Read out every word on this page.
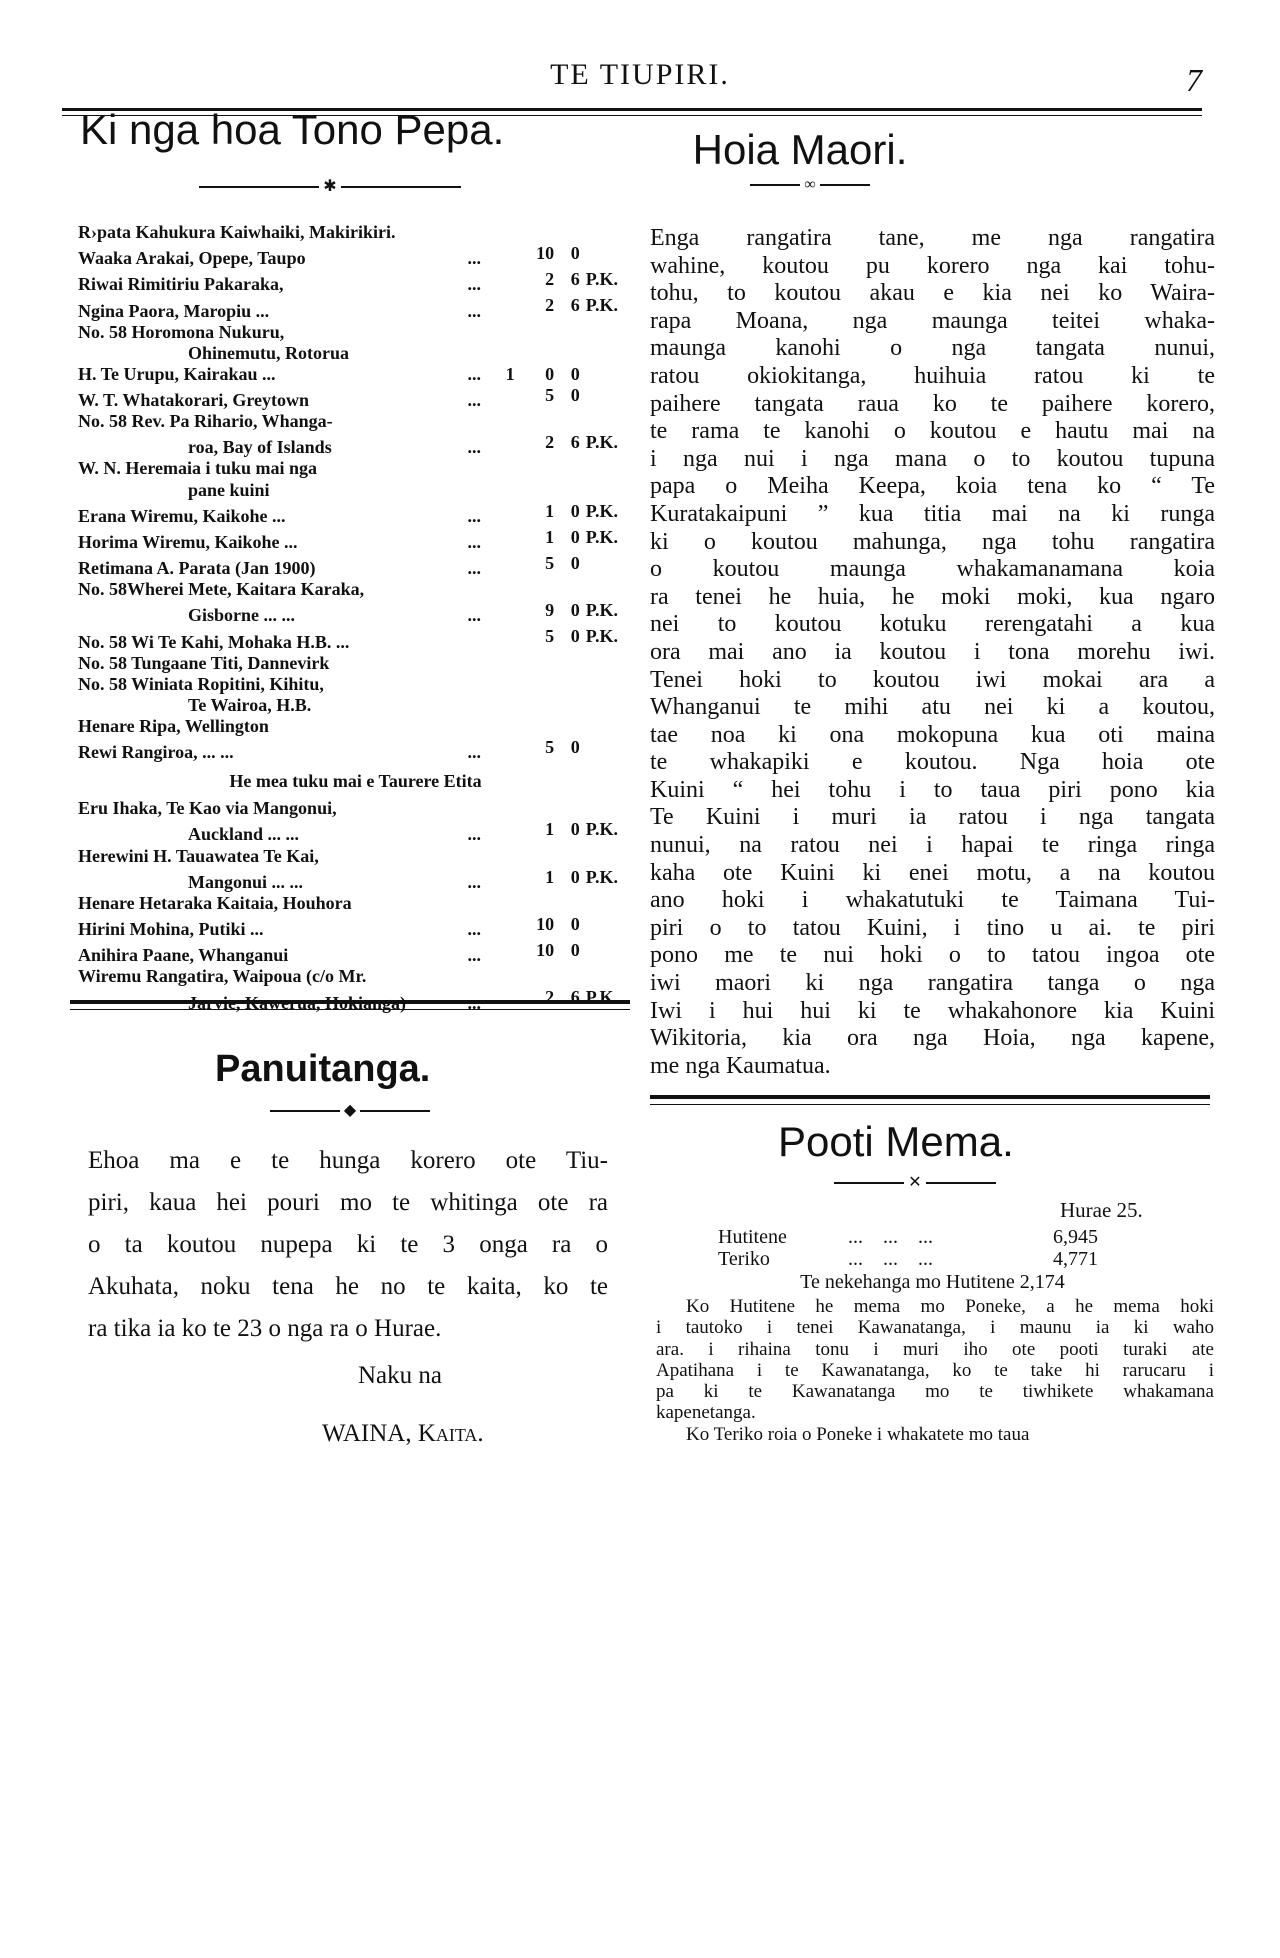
TE TIUPIRI.	7
Ki nga hoa Tono Pepa.
✱
R›pata Kahukura Kaiwhaiki, Makirikiri.
Waaka Arakai, Opepe, Taupo	...	10 0
Riwai Rimitiriu Pakaraka,	...	2 6 P.K.
Ngina Paora, Maropiu ...	...	2 6 P.K.
No. 58 Horomona Nukuru,
Ohinemutu, Rotorua
H. Te Urupu, Kairakau ...	...	1	0 0
W. T. Whatakorari, Greytown	...	5 0
No. 58 Rev. Pa Rihario, Whanga-
roa, Bay of Islands	...	2 6 P.K.
W. N. Heremaia i tuku mai nga
pane kuini
Erana Wiremu, Kaikohe ...	...	1 0 P.K.
Horima Wiremu, Kaikohe ...	...	1 0 P.K.
Retimana A. Parata (Jan 1900)	...	5 0
No. 58Wherei Mete, Kaitara Karaka,
Gisborne ... ...	...	9 0 P.K.
No. 58 Wi Te Kahi, Mohaka H.B. ...	5 0 P.K.
No. 58 Tungaane Titi, Dannevirk
No. 58 Winiata Ropitini, Kihitu,
Te Wairoa, H.B.
Henare Ripa, Wellington
Rewi Rangiroa, ... ...	...	5 0
He mea tuku mai e Taurere Etita
Eru Ihaka, Te Kao via Mangonui,
Auckland ... ...	...	1 0 P.K.
Herewini H. Tauawatea Te Kai,
Mangonui ... ...	...	1 0 P.K.
Henare Hetaraka Kaitaia, Houhora
Hirini Mohina, Putiki ...	...	10 0
Anihira Paane, Whanganui	...	10 0
Wiremu Rangatira, Waipoua (c/o Mr.
Jarvie, Kawerua, Hokianga)	...	2 6 P.K.
Panuitanga.
◆

Ehoa ma e te hunga korero ote Tiu-

piri, kaua hei pouri mo te whitinga ote ra

o ta koutou nupepa ki te 3 onga ra o

Akuhata, noku tena he no te kaita, ko te

ra tika ia ko te 23 o nga ra o Hurae.

Naku na
WAINA, Kaita.
Hoia Maori.
∞

Enga rangatira tane, me nga rangatira

wahine, koutou pu korero nga kai tohu-

tohu, to koutou akau e kia nei ko Waira-

rapa Moana, nga maunga teitei whaka-

maunga kanohi o nga tangata nunui,

ratou okiokitanga, huihuia ratou ki te

paihere tangata raua ko te paihere korero,

te rama te kanohi o koutou e hautu mai na

i nga nui i nga mana o to koutou tupuna

papa o Meiha Keepa, koia tena ko “ Te

Kuratakaipuni ” kua titia mai na ki runga

ki o koutou mahunga, nga tohu rangatira

o koutou maunga whakamanamana koia

ra tenei he huia, he moki moki, kua ngaro

nei to koutou kotuku rerengatahi a kua

ora mai ano ia koutou i tona morehu iwi.

Tenei hoki to koutou iwi mokai ara a

Whanganui te mihi atu nei ki a koutou,

tae noa ki ona mokopuna kua oti maina

te whakapiki e koutou. Nga hoia ote

Kuini “ hei tohu i to taua piri pono kia

Te Kuini i muri ia ratou i nga tangata

nunui, na ratou nei i hapai te ringa ringa

kaha ote Kuini ki enei motu, a na koutou

ano hoki i whakatutuki te Taimana Tui-

piri o to tatou Kuini, i tino u ai. te piri

pono me te nui hoki o to tatou ingoa ote

iwi maori ki nga rangatira tanga o nga

Iwi i hui hui ki te whakahonore kia Kuini

Wikitoria, kia ora nga Hoia, nga kapene,

me nga Kaumatua.

Pooti Mema.
✕
Hurae 25.
Hutitene	...    ...    ...	6,945
Teriko	...    ...    ...	4,771
Te nekehanga mo Hutitene 2,174

Ko Hutitene he mema mo Poneke, a he mema hoki

i tautoko i tenei Kawanatanga, i maunu ia ki waho

ara. i rihaina tonu i muri iho ote pooti turaki ate

Apatihana i te Kawanatanga, ko te take hi rarucaru i

pa ki te Kawanatanga mo te tiwhikete whakamana

kapenetanga.

Ko Teriko roia o Poneke i whakatete mo taua
